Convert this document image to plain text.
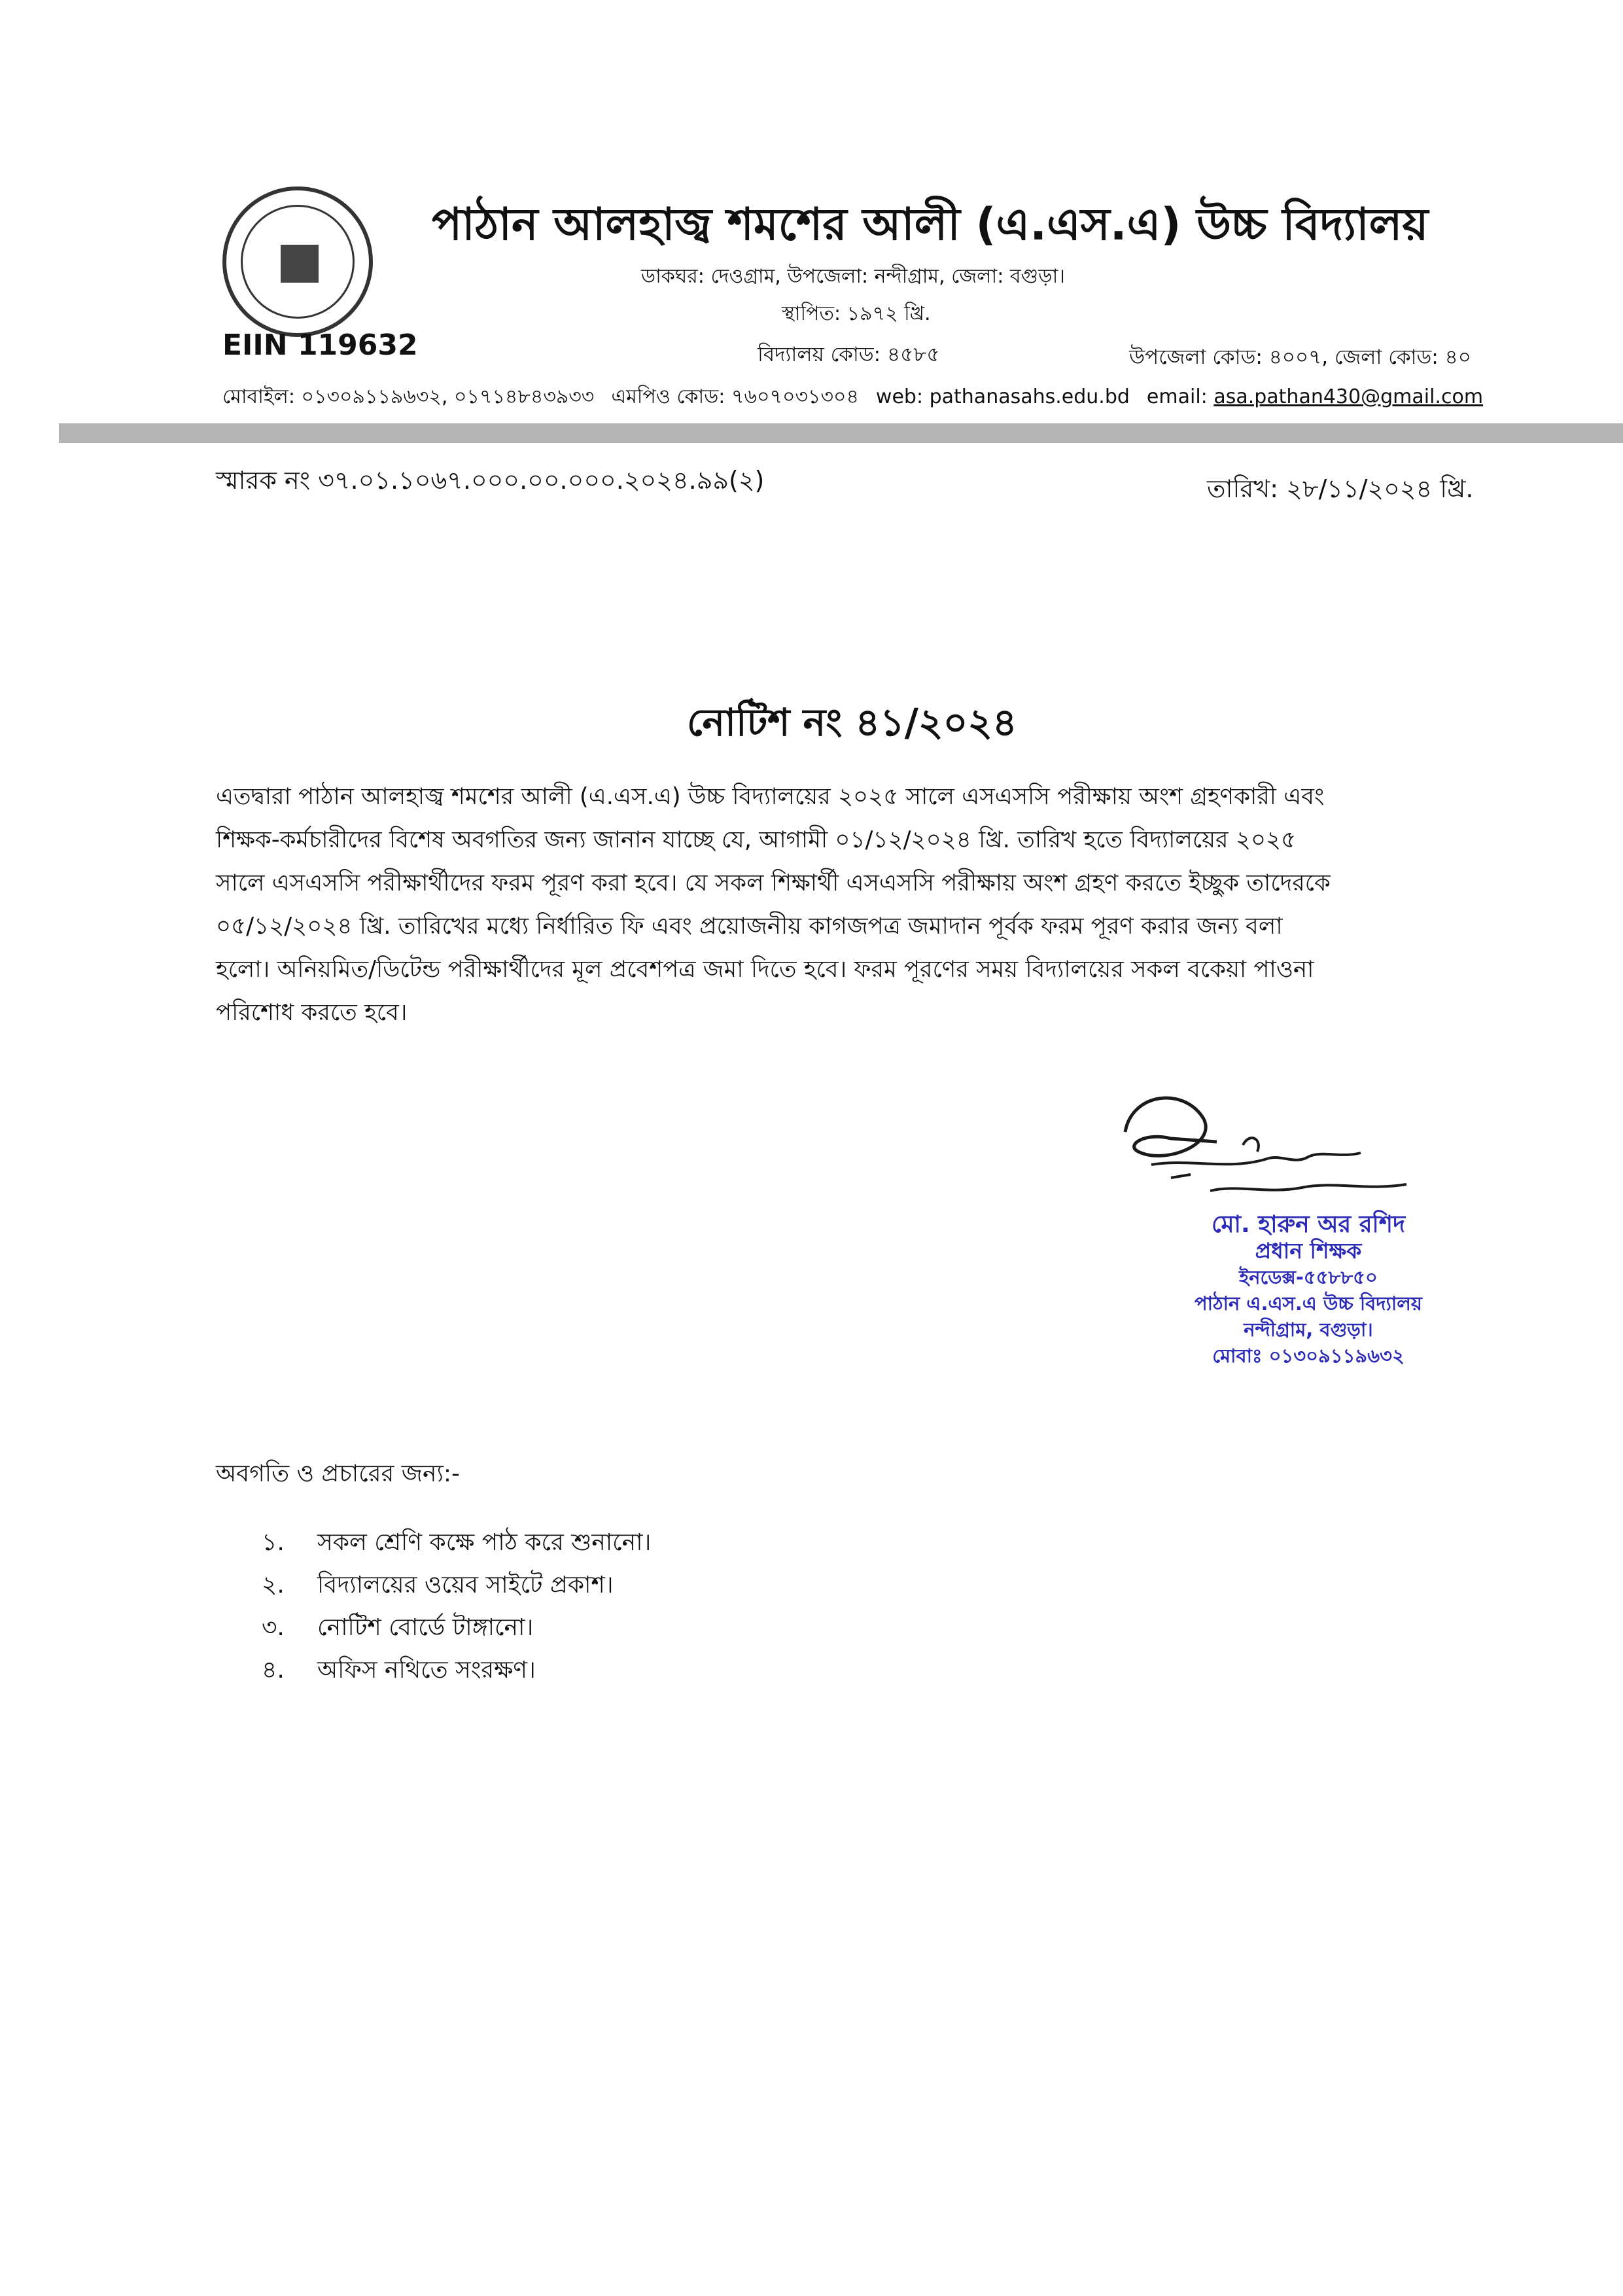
পাঠান আলহাজ্ব শমশের আলী (এ.এস.এ) উচ্চ বিদ্যালয়
ডাকঘর: দেওগ্রাম, উপজেলা: নন্দীগ্রাম, জেলা: বগুড়া।
স্থাপিত: ১৯৭২ খ্রি.
EIIN 119632	বিদ্যালয় কোড: ৪৫৮৫	উপজেলা কোড: ৪০০৭, জেলা কোড: ৪০
মোবাইল: ০১৩০৯১১৯৬৩২, ০১৭১৪৮৪৩৯৩৩ এমপিও কোড: ৭৬০৭০৩১৩০৪ web: pathanasahs.edu.bd email: asa.pathan430@gmail.com
স্মারক নং ৩৭.০১.১০৬৭.০০০.০০.০০০.২০২৪.৯৯(২)	তারিখ: ২৮/১১/২০২৪ খ্রি.
নোটিশ নং ৪১/২০২৪
এতদ্বারা পাঠান আলহাজ্ব শমশের আলী (এ.এস.এ) উচ্চ বিদ্যালয়ের ২০২৫ সালে এসএসসি পরীক্ষায় অংশ গ্রহণকারী এবং
শিক্ষক-কর্মচারীদের বিশেষ অবগতির জন্য জানান যাচ্ছে যে, আগামী ০১/১২/২০২৪ খ্রি. তারিখ হতে বিদ্যালয়ের ২০২৫
সালে এসএসসি পরীক্ষার্থীদের ফরম পূরণ করা হবে। যে সকল শিক্ষার্থী এসএসসি পরীক্ষায় অংশ গ্রহণ করতে ইচ্ছুক তাদেরকে
০৫/১২/২০২৪ খ্রি. তারিখের মধ্যে নির্ধারিত ফি এবং প্রয়োজনীয় কাগজপত্র জমাদান পূর্বক ফরম পূরণ করার জন্য বলা
হলো। অনিয়মিত/ডিটেন্ড পরীক্ষার্থীদের মূল প্রবেশপত্র জমা দিতে হবে। ফরম পূরণের সময় বিদ্যালয়ের সকল বকেয়া পাওনা
পরিশোধ করতে হবে।
মো. হারুন অর রশিদ
প্রধান শিক্ষক
ইনডেক্স-৫৫৮৮৫০
পাঠান এ.এস.এ উচ্চ বিদ্যালয়
নন্দীগ্রাম, বগুড়া।
মোবাঃ ০১৩০৯১১৯৬৩২
অবগতি ও প্রচারের জন্য:-
১. সকল শ্রেণি কক্ষে পাঠ করে শুনানো।
২. বিদ্যালয়ের ওয়েব সাইটে প্রকাশ।
৩. নোটিশ বোর্ডে টাঙ্গানো।
৪. অফিস নথিতে সংরক্ষণ।
